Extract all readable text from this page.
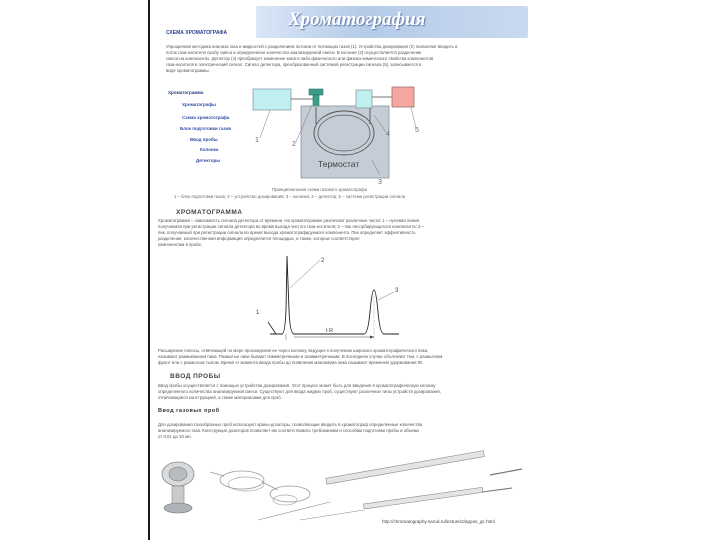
Хроматография
СХЕМА ХРОМАТОГРАФА
Упрощенная методика анализа газа и жидкостей с разделением потоков от питающих газов (1). Устройства дозирования (2) позволяют вводить в
поток газа-носителя пробу смеси и определенное количество анализируемой смеси. В колонке (3) осуществляется разделение
смеси на компоненты. Детектор (4) преобразует изменение какого-либо физического или физико-химического свойства компонентов
газа-носителя в электрический сигнал. Сигнал детектора, преобразованный системой регистрации сигнала (5), записывается в
виде хроматограммы.
Хроматограмма
Хроматографы
Схема хроматографа
Блок подготовки газов
Ввод пробы
Колонка
Детекторы
1
2
3
4
5
Термостат
Принципиальная схема газового хроматографа
1 – блок подготовки газов; 2 – устройство дозирования; 3 – колонка; 4 – детектор; 5 – система регистрации сигнала
ХРОМАТОГРАММА
Хроматограмма – зависимость сигнала детектора от времени. На хроматограмме различают различные части: 1 – нулевая линия,
получаемая при регистрации сигнала детектора во время выхода чистого газа-носителя; 2 – пик несорбирующегося компонента; 3 –
пик, получаемый при регистрации сигнала во время выхода хроматографируемого компонента. Пик определяет эффективность
разделения, количественная информация определяется площадью, и также, которые соответствуют
компонентам в пробе.
2
3
1
t R
Расширение полосы, отвечающей по мере прохождения ее через колонку, ведущее к получению широкого хроматографического пика,
называют размыванием пика. Размытые пики бывают симметричными и асимметричными. В последнем случае объясняют тем, с размытием
фронт или с размытым тылом. Время от момента ввода пробы до появления максимума пика называют временем удерживания tR.
ВВОД ПРОБЫ
Ввод пробы осуществляется с помощью устройства дозирования. Этот процесс может быть для введения в хроматографическую колонку
определенного количества анализируемой смеси. Существуют для ввода жидких проб, существуют различные типы устройств дозирования,
отличающиеся конструкцией, а также материалами для проб.
Ввод газовых проб
Для дозирования газообразных проб используют краны-дозаторы, позволяющие вводить в хроматограф определенные количества
анализируемого газа. Конструкция дозаторов позволяет им соответствовать требованиям и способам подготовки пробы и объема
от 0,01 до 10 мл.
http://chromatography.narod.ru/lecture/2/appos_gc.html
